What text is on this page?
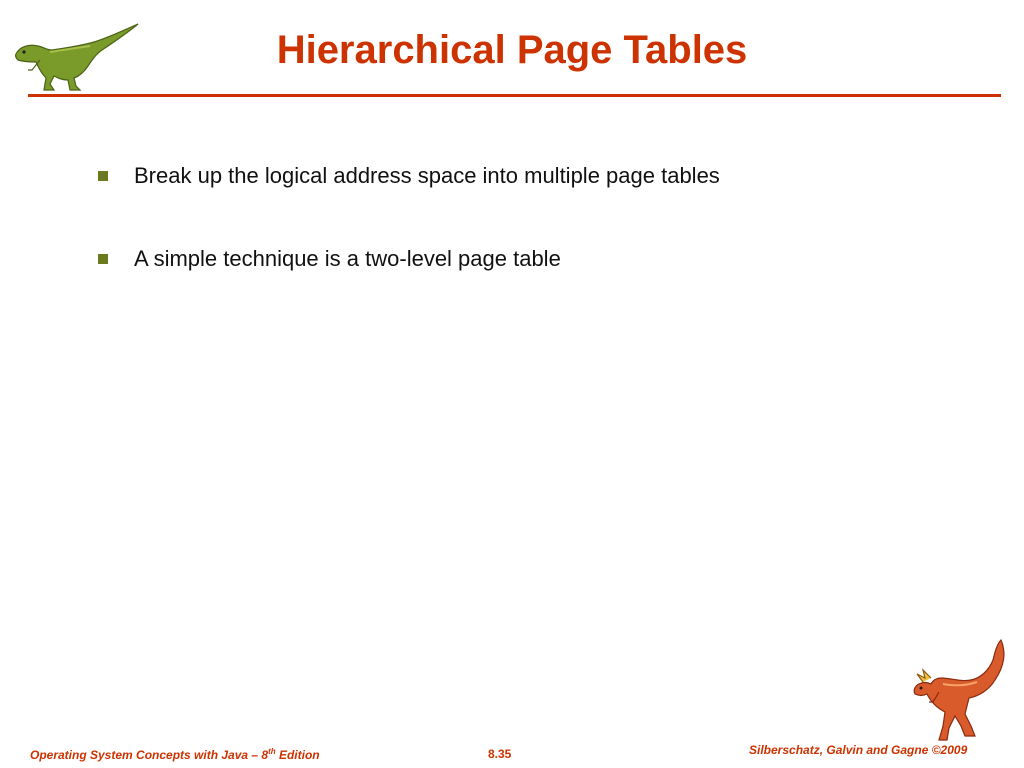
Hierarchical Page Tables
Break up the logical address space into multiple page tables
A simple technique is a two-level page table
Operating System Concepts with Java – 8th Edition	8.35	Silberschatz, Galvin and Gagne ©2009
